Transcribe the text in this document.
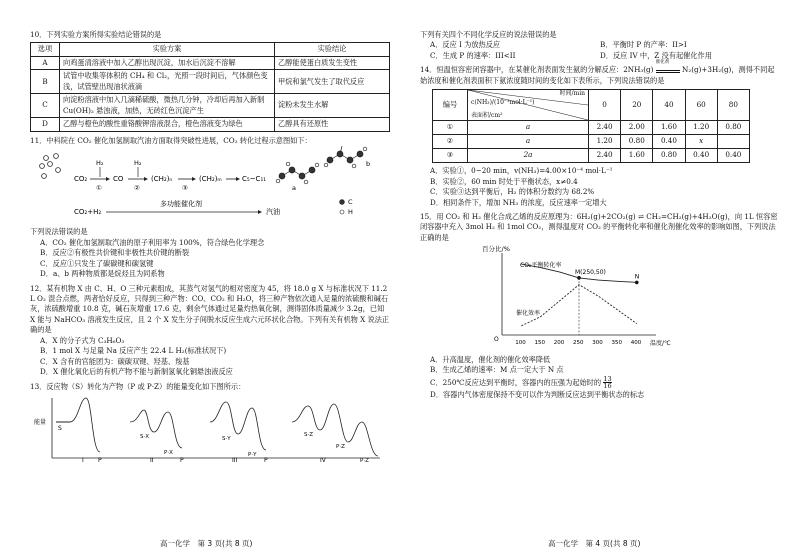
10．下列实验方案所得实验结论错误的是

选项	实验方案	实验结论
A	向鸡蛋清溶液中加入乙醇出现沉淀，加水后沉淀不溶解	乙醇能使蛋白质发生变性
B	试管中收集等体积的 CH₄ 和 Cl₂，光照一段时间后，气体颜色变浅，试管壁出现油状液滴	甲烷和氯气发生了取代反应
C	向淀粉溶液中加入几滴稀硫酸，微热几分钟，冷却后再加入新制 Cu(OH)₂ 悬浊液，加热，无砖红色沉淀产生	淀粉未发生水解
D	乙醇与橙色的酸性重铬酸钾溶液混合，橙色溶液变为绿色	乙醇具有还原性

11．中科院在 CO₂ 催化加氢制取汽油方面取得突破性进展，CO₂ 转化过程示意图如下：

CO₂
H₂
①
CO
H₂
②
(CH₂)ₙ
③
(CH₂)ₘ	C₅~C₁₁
a
b
CO₂+H₂
多功能催化剂
汽油
C
H

下列说法错误的是

A．CO₂ 催化加氢制取汽油的原子利用率为 100%，符合绿色化学理念

B．反应②有极性共价键和非极性共价键的断裂

C．反应①只发生了碳碳键和碳氢键

D．a、b 两种物质都是烷烃且为同系物

12．某有机物 X 由 C、H、O 三种元素组成，其蒸气对氢气的相对密度为 45，将 18.0 g X 与标准状况下 11.2 L O₂ 混合点燃，两者恰好反应，只得到三种产物：CO、CO₂ 和 H₂O，将三种产物依次通入足量的浓硫酸和碱石灰，浓硫酸增重 10.8 克，碱石灰增重 17.6 克，剩余气体通过足量灼热氧化铜，测得固体质量减少 3.2g，已知 X 能与 NaHCO₃ 溶液发生反应，且 2 个 X 发生分子间脱水反应生成六元环状化合物。下列有关有机物 X 说法正确的是

A．X 的分子式为 C₃H₆O₃

B．1 mol X 与足量 Na 反应产生 22.4 L H₂(标准状况下)

C．X 含有的官能团为：碳碳双键、羟基、羧基

D．X 催化氧化后的有机产物不能与新制氢氧化铜悬浊液反应

13．反应物（S）转化为产物（P 或 P·Z）的能量变化如下图所示：

能量
S
I P
S·X
P·X
II	P
S·Y
P·Y
III	P
S·Z
P·Z
IV	P·Z
高一化学　第 3 页(共 8 页)

下列有关四个不同化学反应的说法错误的是

A．反应 I 为放热反应	B．平衡时 P 的产率：II>I

C．生成 P 的速率：III<II	D．反应 IV 中，Z 没有起催化作用

14．恒温恒容密闭容器中，在某催化剂表面发生氨的分解反应：2NH₃(g)
催化剂
N₂(g)+3H₂(g)，测得不同起始浓度和催化剂表面积下氨浓度随时间的变化如下表所示，下列说法错误的是

编号	时间/min
c(NH₃)/(10⁻³mol·L⁻¹)
表面积/cm²	0	20	40	60	80
①	a	2.40	2.00	1.60	1.20	0.80
②	a	1.20	0.80	0.40	x	
③	2a	2.40	1.60	0.80	0.40	0.40

A．实验①，0~20 min，v(NH₃)=4.00×10⁻⁴ mol·L⁻¹

B．实验②，60 min 时处于平衡状态，x≠0.4

C．实验③达到平衡后，H₂ 的体积分数约为 68.2%

D．相同条件下，增加 NH₃ 的浓度，反应速率一定增大

15．用 CO₂ 和 H₂ 催化合成乙烯的反应原理为：6H₂(g)+2CO₂(g) ⇌ CH₂=CH₂(g)+4H₂O(g)，向 1L 恒容密闭容器中充入 3mol H₂ 和 1mol CO₂，测得温度对 CO₂ 的平衡转化率和催化剂催化效率的影响如图，下列说法正确的是

百分比/%
O
温度/℃
100 150 200 250 300 350 400
CO₂平衡转化率
催化效率
M(250,50)
N

A．升高温度，催化剂的催化效率降低

B．生成乙烯的速率：M 点一定大于 N 点

C．250℃反应达到平衡时，容器内的压强为起始时的 $\frac{13}{16}$

D．容器内气体密度保持不变可以作为判断反应达到平衡状态的标志

高一化学　第 4 页(共 8 页)
